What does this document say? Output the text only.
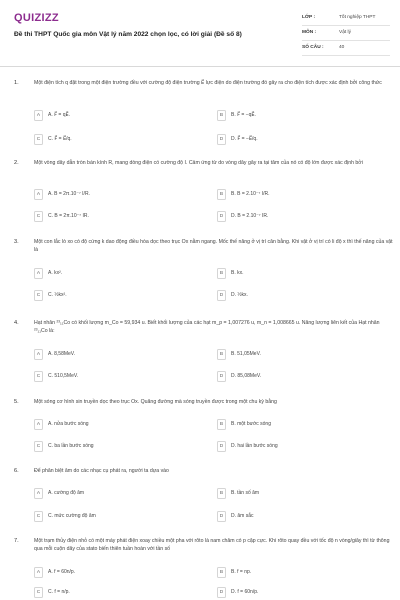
QUIZIZZ
Đề thi THPT Quốc gia môn Vật lý năm 2022 chọn lọc, có lời giải (Đề số 8)
LỚP :	Tốt nghiệp THPT
MÔN :	Vật lý
SỐ CÂU :	40
1.	Một điện tích q đặt trong một điện trường đều với cường độ điện trường E⃗ lực điện do điện trường đó gây ra cho điện tích được xác định bởi công thức
A	A. F⃗ = qE⃗.	B	B. F⃗ = −qE⃗.
C	C. F⃗ = E⃗/q.	D	D. F⃗ = −E⃗/q.
2.	Một vòng dây dẫn tròn bán kính R, mang dòng điện có cường độ I. Cảm ứng từ do vòng dây gây ra tại tâm của nó có độ lớn được xác định bởi
A	A. B = 2π.10⁻⁷ I/R.	B	B. B = 2.10⁻⁷ I/R.
C	C. B = 2π.10⁻⁷ IR.	D	D. B = 2.10⁻⁷ IR.
3.	Một con lắc lò xo có độ cứng k dao động điều hòa dọc theo trục Ox nằm ngang. Mốc thế năng ở vị trí cân bằng. Khi vật ở vị trí có li độ x thì thế năng của vật là
A	A. kx².	B	B. kx.
C	C. ½kx².	D	D. ½kx.
4.	Hạt nhân ²³₁₁Co có khối lượng m_Co = 59,934 u. Biết khối lượng của các hạt m_p = 1,007276 u, m_n = 1,008665 u. Năng lượng liên kết của Hạt nhân ²³₁₁Co là:
A	A. 8,58MeV.	B	B. 51,05MeV.
C	C. 510,5MeV.	D	D. 85,08MeV.
5.	Một sóng cơ hình sin truyền dọc theo trục Ox. Quãng đường mà sóng truyền được trong một chu kỳ bằng
A	A. nửa bước sóng	B	B. một bước sóng
C	C. ba lần bước sóng	D	D. hai lần bước sóng
6.	Để phân biệt âm do các nhạc cụ phát ra, người ta dựa vào
A	A. cường độ âm	B	B. tần số âm
C	C. mức cường độ âm	D	D. âm sắc
7.	Một trạm thủy điện nhỏ có một máy phát điện xoay chiều một pha với rôto là nam châm có p cặp cực. Khi rôto quay đều với tốc độ n vòng/giây thì từ thông qua mỗi cuộn dây của stato biến thiên tuần hoàn với tần số
A	A. f = 60n/p.	B	B. f = np.
C	C. f = n/p.	D	D. f = 60n/p.
